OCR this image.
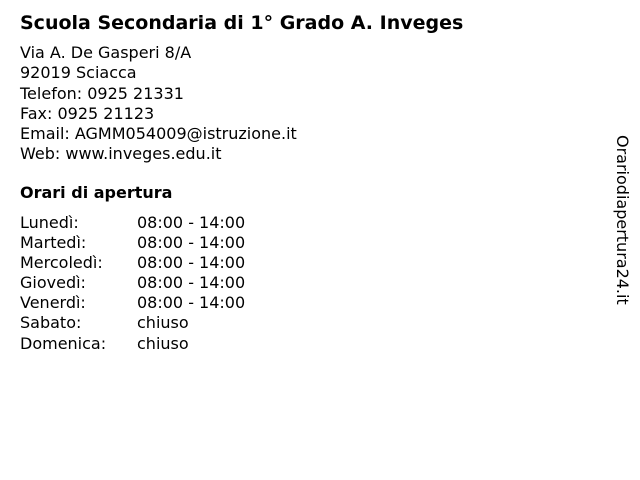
Scuola Secondaria di 1° Grado A. Inveges
Via A. De Gasperi 8/A
92019 Sciacca
Telefon: 0925 21331
Fax: 0925 21123
Email: AGMM054009@istruzione.it
Web: www.inveges.edu.it
Orari di apertura
Lunedì:	08:00 - 14:00
Martedì:	08:00 - 14:00
Mercoledì: 08:00 - 14:00
Giovedì:	08:00 - 14:00
Venerdì:	08:00 - 14:00
Sabato:	chiuso
Domenica: chiuso
Orariodiapertura24.it
